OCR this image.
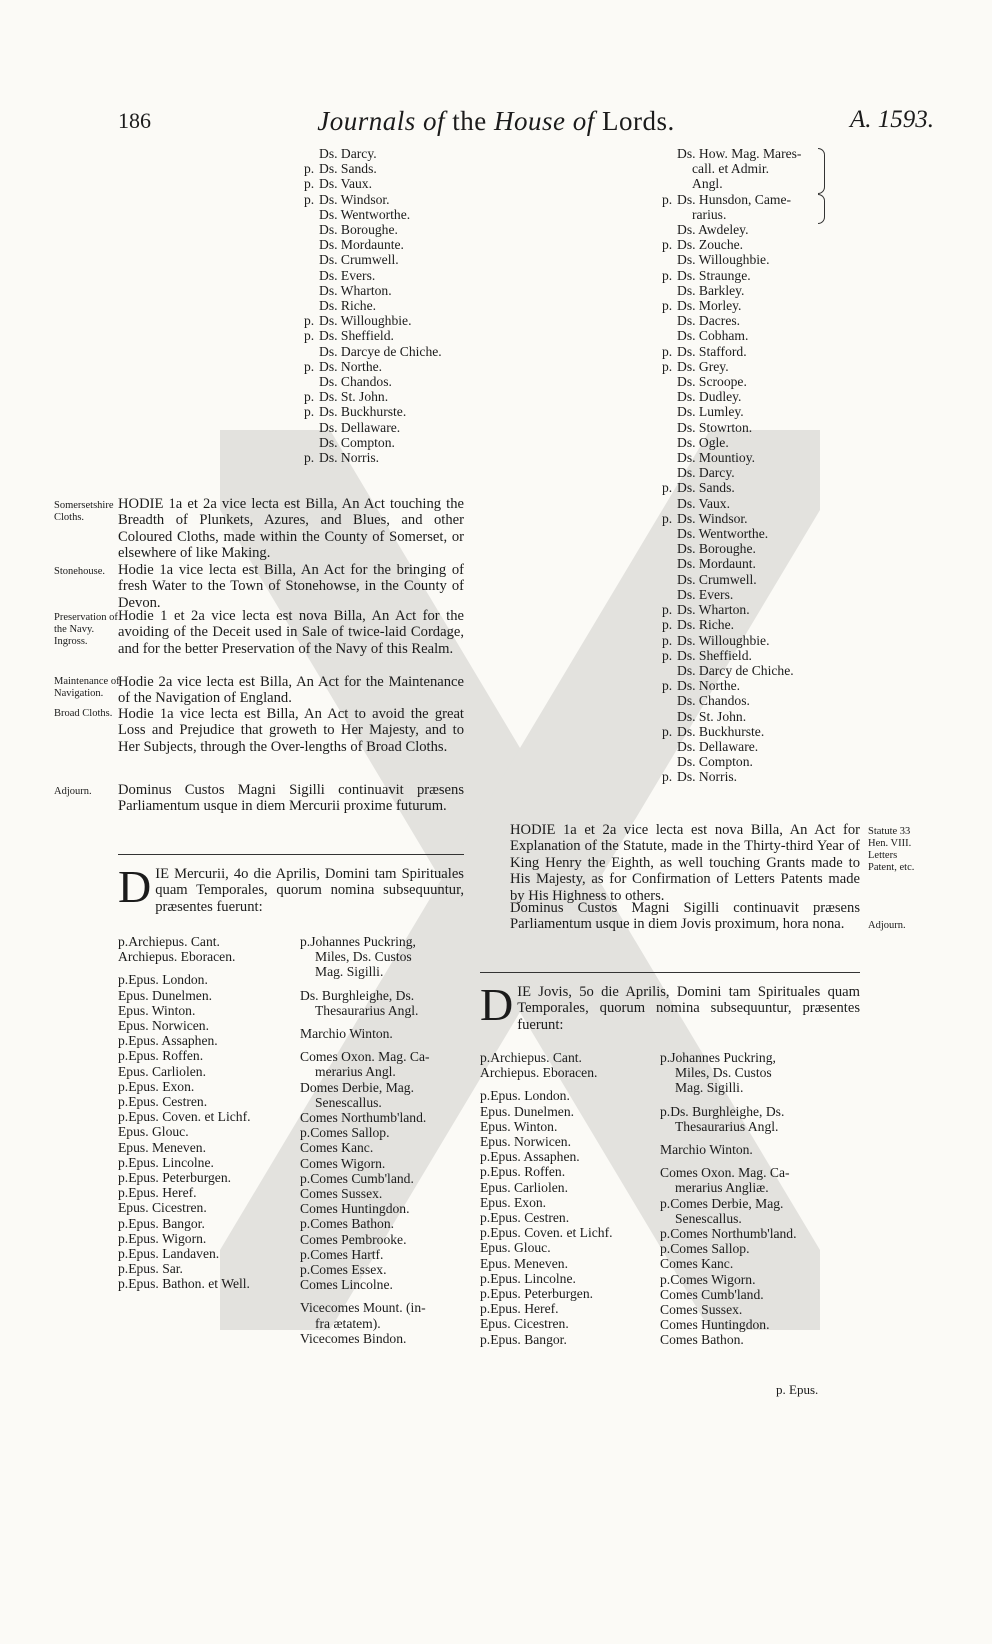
186	Journals of the House of Lords.	A. 1593.
Ds. Darcy.
p. Ds. Sands.
p. Ds. Vaux.
p. Ds. Windsor.
Ds. Wentworthe.
Ds. Boroughe.
Ds. Mordaunte.
Ds. Crumwell.
Ds. Evers.
Ds. Wharton.
Ds. Riche.
p. Ds. Willoughbie.
p. Ds. Sheffield.
Ds. Darcye de Chiche.
p. Ds. Northe.
Ds. Chandos.
p. Ds. St. John.
p. Ds. Buckhurste.
Ds. Dellaware.
Ds. Compton.
p. Ds. Norris.
Ds. How. Mag. Mares-
call. et Admir.
Angl.
p. Ds. Hunsdon, Came-
rarius.
Ds. Awdeley.
p. Ds. Zouche.
Ds. Willoughbie.
p. Ds. Straunge.
Ds. Barkley.
p. Ds. Morley.
Ds. Dacres.
Ds. Cobham.
p. Ds. Stafford.
p. Ds. Grey.
Ds. Scroope.
Ds. Dudley.
Ds. Lumley.
Ds. Stowrton.
Ds. Ogle.
Ds. Mountioy.
Ds. Darcy.
p. Ds. Sands.
Ds. Vaux.
p. Ds. Windsor.
Ds. Wentworthe.
Ds. Boroughe.
Ds. Mordaunt.
Ds. Crumwell.
Ds. Evers.
p. Ds. Wharton.
p. Ds. Riche.
p. Ds. Willoughbie.
p. Ds. Sheffield.
Ds. Darcy de Chiche.
p. Ds. Northe.
Ds. Chandos.
Ds. St. John.
p. Ds. Buckhurste.
Ds. Dellaware.
Ds. Compton.
p. Ds. Norris.
Somersetshire Cloths.
HODIE 1a et 2a vice lecta est Billa, An Act touching the Breadth of Plunkets, Azures, and Blues, and other Coloured Cloths, made within the County of Somerset, or elsewhere of like Making.
Stonehouse. Hodie 1a vice lecta est Billa, An Act for the bringing of fresh Water to the Town of Stonehowse, in the County of Devon.
Preservation of the Navy. Ingross.
Hodie 1 et 2a vice lecta est nova Billa, An Act for the avoiding of the Deceit used in Sale of twice-laid Cordage, and for the better Preservation of the Navy of this Realm.
Maintenance of Navigation.
Hodie 2a vice lecta est Billa, An Act for the Maintenance of the Navigation of England.
Broad Cloths. Hodie 1a vice lecta est Billa, An Act to avoid the great Loss and Prejudice that groweth to Her Majesty, and to Her Subjects, through the Over-lengths of Broad Cloths.
Adjourn.	Dominus Custos Magni Sigilli continuavit præsens Parliamentum usque in diem Mercurii proxime futurum.
DIE Mercurii, 4o die Aprilis, Domini tam Spirituales quam Temporales, quorum nomina subsequuntur, præsentes fuerunt:
p.Archiepus. Cant.
Archiepus. Eboracen.
p.Epus. London.
Epus. Dunelmen.
Epus. Winton.
Epus. Norwicen.
p.Epus. Assaphen.
p.Epus. Roffen.
Epus. Carliolen.
p.Epus. Exon.
p.Epus. Cestren.
p.Epus. Coven. et Lichf.
Epus. Glouc.
Epus. Meneven.
p.Epus. Lincolne.
p.Epus. Peterburgen.
p.Epus. Heref.
Epus. Cicestren.
p.Epus. Bangor.
p.Epus. Wigorn.
p.Epus. Landaven.
p.Epus. Sar.
p.Epus. Bathon. et Well.
p.Johannes Puckring,
Miles, Ds. Custos
Mag. Sigilli.
Ds. Burghleighe, Ds.
Thesaurarius Angl.
Marchio Winton.
Comes Oxon. Mag. Ca-
merarius Angl.
Domes Derbie, Mag.
Senescallus.
Comes Northumb'land.
p.Comes Sallop.
Comes Kanc.
Comes Wigorn.
p.Comes Cumb'land.
Comes Sussex.
Comes Huntingdon.
p.Comes Bathon.
Comes Pembrooke.
p.Comes Hartf.
p.Comes Essex.
Comes Lincolne.
Vicecomes Mount. (in-
fra ætatem).
Vicecomes Bindon.
HODIE 1a et 2a vice lecta est nova Billa, An Act for Explanation of the Statute, made in the Thirty-third Year of King Henry the Eighth, as well touching Grants made to His Majesty, as for Confirmation of Letters Patents made by His Highness to others.
Statute 33 Hen. VIII. Letters Patent, etc.
Dominus Custos Magni Sigilli continuavit præsens Parliamentum usque in diem Jovis proximum, hora nona.	Adjourn.
DIE Jovis, 5o die Aprilis, Domini tam Spirituales quam Temporales, quorum nomina subsequuntur, præsentes fuerunt:
p.Archiepus. Cant.
Archiepus. Eboracen.
p.Epus. London.
Epus. Dunelmen.
Epus. Winton.
Epus. Norwicen.
p.Epus. Assaphen.
p.Epus. Roffen.
Epus. Carliolen.
Epus. Exon.
p.Epus. Cestren.
p.Epus. Coven. et Lichf.
Epus. Glouc.
Epus. Meneven.
p.Epus. Lincolne.
p.Epus. Peterburgen.
p.Epus. Heref.
Epus. Cicestren.
p.Epus. Bangor.
p.Johannes Puckring,
Miles, Ds. Custos
Mag. Sigilli.
p.Ds. Burghleighe, Ds.
Thesaurarius Angl.
Marchio Winton.
Comes Oxon. Mag. Ca-
merarius Angliæ.
p.Comes Derbie, Mag.
Senescallus.
p.Comes Northumb'land.
p.Comes Sallop.
Comes Kanc.
p.Comes Wigorn.
Comes Cumb'land.
Comes Sussex.
Comes Huntingdon.
Comes Bathon.
p. Epus.
